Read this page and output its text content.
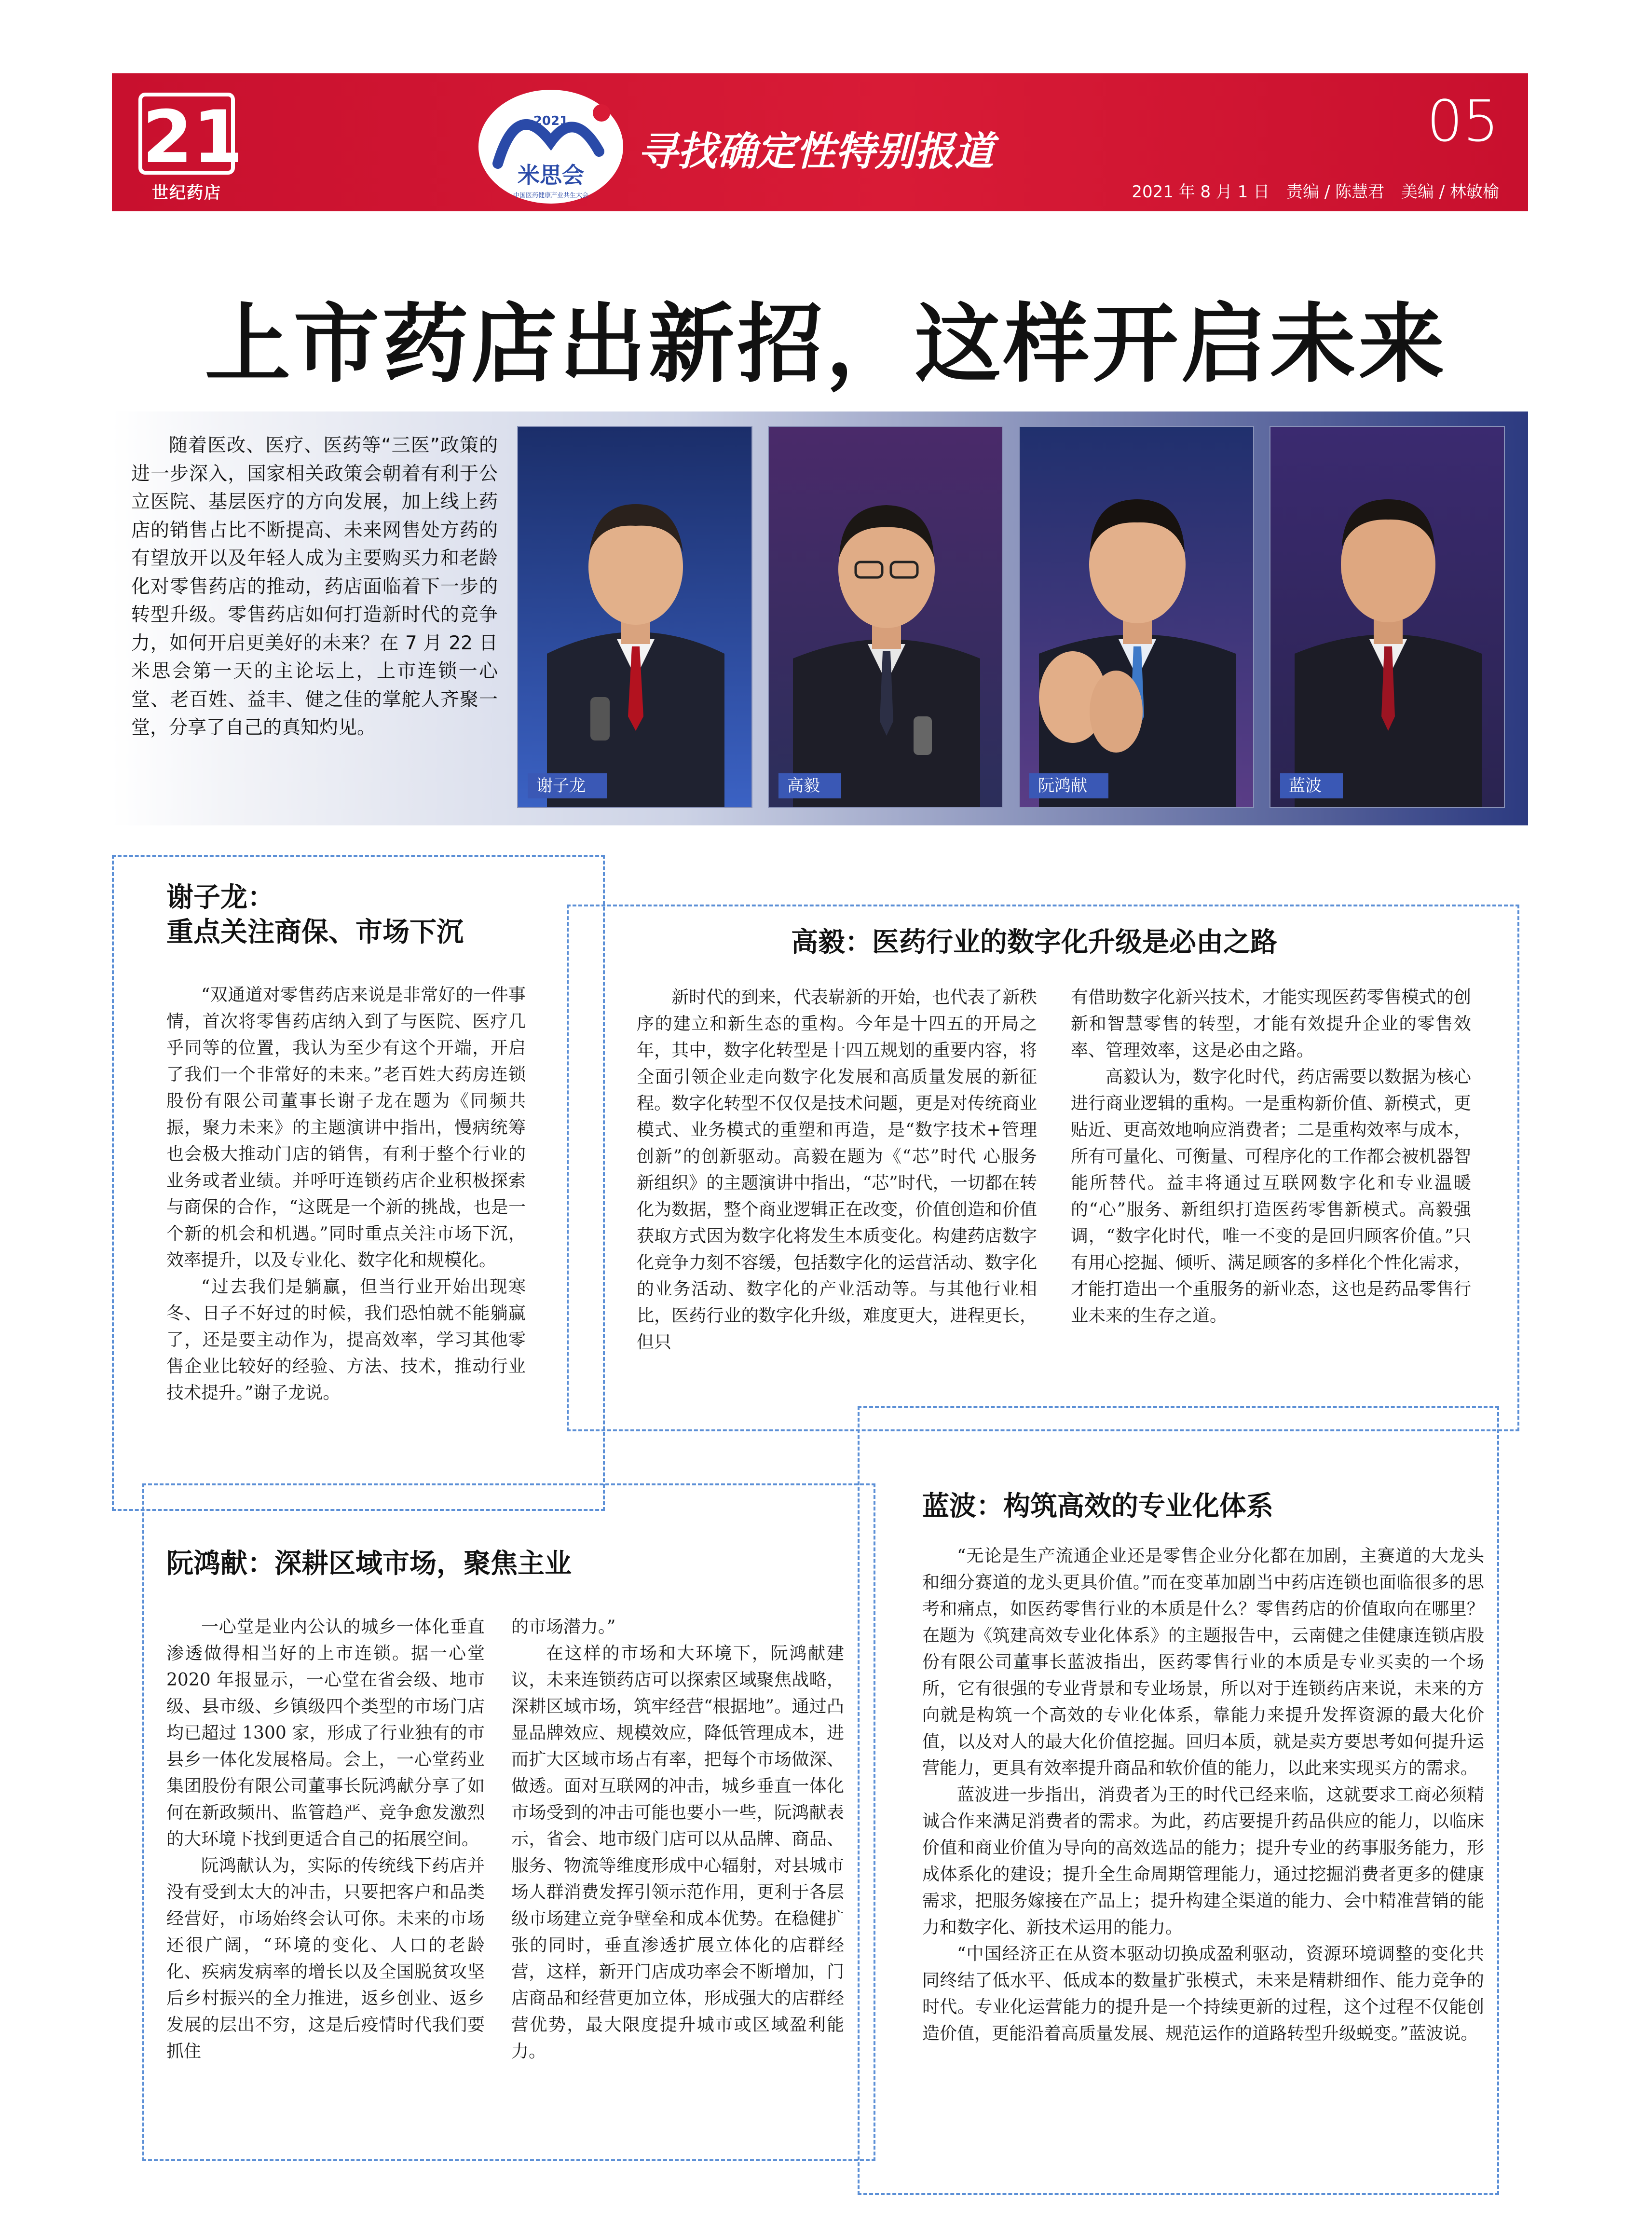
21
世纪药店
2021
米思会
中国医药健康产业共生大会
寻找确定性特别报道	05
2021 年 8 月 1 日 责编 / 陈慧君 美编 / 林敏榆
上市药店出新招，这样开启未来
随着医改、医疗、医药等“三医”政策的进一步深入，国家相关政策会朝着有利于公立医院、基层医疗的方向发展，加上线上药店的销售占比不断提高、未来网售处方药的有望放开以及年轻人成为主要购买力和老龄化对零售药店的推动，药店面临着下一步的转型升级。零售药店如何打造新时代的竞争力，如何开启更美好的未来？在 7 月 22 日米思会第一天的主论坛上，上市连锁一心堂、老百姓、益丰、健之佳的掌舵人齐聚一堂，分享了自己的真知灼见。
谢子龙	高毅	阮鸿献	蓝波
谢子龙：
重点关注商保、市场下沉

“双通道对零售药店来说是非常好的一件事情，首次将零售药店纳入到了与医院、医疗几乎同等的位置，我认为至少有这个开端，开启了我们一个非常好的未来。”老百姓大药房连锁股份有限公司董事长谢子龙在题为《同频共振，聚力未来》的主题演讲中指出，慢病统筹也会极大推动门店的销售，有利于整个行业的业务或者业绩。并呼吁连锁药店企业积极探索与商保的合作，“这既是一个新的挑战，也是一个新的机会和机遇。”同时重点关注市场下沉，效率提升，以及专业化、数字化和规模化。

“过去我们是躺赢，但当行业开始出现寒冬、日子不好过的时候，我们恐怕就不能躺赢了，还是要主动作为，提高效率，学习其他零售企业比较好的经验、方法、技术，推动行业技术提升。”谢子龙说。

高毅：医药行业的数字化升级是必由之路

新时代的到来，代表崭新的开始，也代表了新秩序的建立和新生态的重构。今年是十四五的开局之年，其中，数字化转型是十四五规划的重要内容，将全面引领企业走向数字化发展和高质量发展的新征程。数字化转型不仅仅是技术问题，更是对传统商业模式、业务模式的重塑和再造，是“数字技术+管理创新”的创新驱动。高毅在题为《“芯”时代 心服务 新组织》的主题演讲中指出，“芯”时代，一切都在转化为数据，整个商业逻辑正在改变，价值创造和价值获取方式因为数字化将发生本质变化。构建药店数字化竞争力刻不容缓，包括数字化的运营活动、数字化的业务活动、数字化的产业活动等。与其他行业相比，医药行业的数字化升级，难度更大，进程更长，但只

有借助数字化新兴技术，才能实现医药零售模式的创新和智慧零售的转型，才能有效提升企业的零售效率、管理效率，这是必由之路。

高毅认为，数字化时代，药店需要以数据为核心进行商业逻辑的重构。一是重构新价值、新模式，更贴近、更高效地响应消费者；二是重构效率与成本，所有可量化、可衡量、可程序化的工作都会被机器智能所替代。益丰将通过互联网数字化和专业温暖的“心”服务、新组织打造医药零售新模式。高毅强调，“数字化时代，唯一不变的是回归顾客价值。”只有用心挖掘、倾听、满足顾客的多样化个性化需求，才能打造出一个重服务的新业态，这也是药品零售行业未来的生存之道。

阮鸿献：深耕区域市场，聚焦主业

一心堂是业内公认的城乡一体化垂直渗透做得相当好的上市连锁。据一心堂 2020 年报显示，一心堂在省会级、地市级、县市级、乡镇级四个类型的市场门店均已超过 1300 家，形成了行业独有的市县乡一体化发展格局。会上，一心堂药业集团股份有限公司董事长阮鸿献分享了如何在新政频出、监管趋严、竞争愈发激烈的大环境下找到更适合自己的拓展空间。

阮鸿献认为，实际的传统线下药店并没有受到太大的冲击，只要把客户和品类经营好，市场始终会认可你。未来的市场还很广阔，“环境的变化、人口的老龄化、疾病发病率的增长以及全国脱贫攻坚后乡村振兴的全力推进，返乡创业、返乡发展的层出不穷，这是后疫情时代我们要抓住

的市场潜力。”

在这样的市场和大环境下，阮鸿献建议，未来连锁药店可以探索区域聚焦战略，深耕区域市场，筑牢经营“根据地”。通过凸显品牌效应、规模效应，降低管理成本，进而扩大区域市场占有率，把每个市场做深、做透。面对互联网的冲击，城乡垂直一体化市场受到的冲击可能也要小一些，阮鸿献表示，省会、地市级门店可以从品牌、商品、服务、物流等维度形成中心辐射，对县城市场人群消费发挥引领示范作用，更利于各层级市场建立竞争壁垒和成本优势。在稳健扩张的同时，垂直渗透扩展立体化的店群经营，这样，新开门店成功率会不断增加，门店商品和经营更加立体，形成强大的店群经营优势，最大限度提升城市或区域盈利能力。

蓝波：构筑高效的专业化体系

“无论是生产流通企业还是零售企业分化都在加剧，主赛道的大龙头和细分赛道的龙头更具价值。”而在变革加剧当中药店连锁也面临很多的思考和痛点，如医药零售行业的本质是什么？零售药店的价值取向在哪里？在题为《筑建高效专业化体系》的主题报告中，云南健之佳健康连锁店股份有限公司董事长蓝波指出，医药零售行业的本质是专业买卖的一个场所，它有很强的专业背景和专业场景，所以对于连锁药店来说，未来的方向就是构筑一个高效的专业化体系，靠能力来提升发挥资源的最大化价值，以及对人的最大化价值挖掘。回归本质，就是卖方要思考如何提升运营能力，更具有效率提升商品和软价值的能力，以此来实现买方的需求。

蓝波进一步指出，消费者为王的时代已经来临，这就要求工商必须精诚合作来满足消费者的需求。为此，药店要提升药品供应的能力，以临床价值和商业价值为导向的高效选品的能力；提升专业的药事服务能力，形成体系化的建设；提升全生命周期管理能力，通过挖掘消费者更多的健康需求，把服务嫁接在产品上；提升构建全渠道的能力、会中精准营销的能力和数字化、新技术运用的能力。

“中国经济正在从资本驱动切换成盈利驱动，资源环境调整的变化共同终结了低水平、低成本的数量扩张模式，未来是精耕细作、能力竞争的时代。专业化运营能力的提升是一个持续更新的过程，这个过程不仅能创造价值，更能沿着高质量发展、规范运作的道路转型升级蜕变。”蓝波说。
